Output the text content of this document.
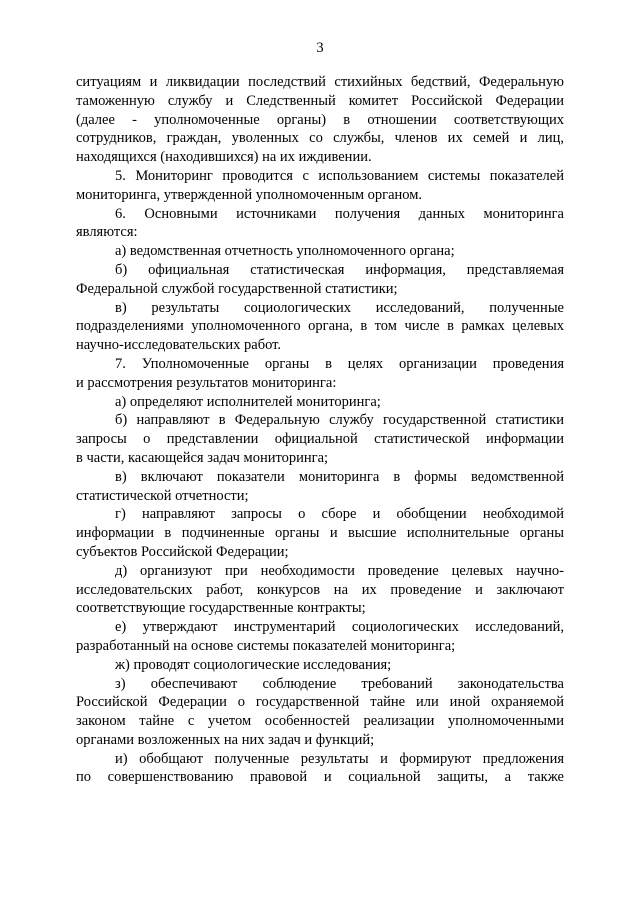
3
ситуациям и ликвидации последствий стихийных бедствий, Федеральную
таможенную службу и Следственный комитет Российской Федерации
(далее - уполномоченные органы) в отношении соответствующих
сотрудников, граждан, уволенных со службы, членов их семей и лиц,
находящихся (находившихся) на их иждивении.
5. Мониторинг проводится с использованием системы показателей
мониторинга, утвержденной уполномоченным органом.
6. Основными источниками получения данных мониторинга
являются:
а) ведомственная отчетность уполномоченного органа;
б) официальная статистическая информация, представляемая
Федеральной службой государственной статистики;
в) результаты социологических исследований, полученные
подразделениями уполномоченного органа, в том числе в рамках целевых
научно-исследовательских работ.
7. Уполномоченные органы в целях организации проведения
и рассмотрения результатов мониторинга:
а) определяют исполнителей мониторинга;
б) направляют в Федеральную службу государственной статистики
запросы о представлении официальной статистической информации
в части, касающейся задач мониторинга;
в) включают показатели мониторинга в формы ведомственной
статистической отчетности;
г) направляют запросы о сборе и обобщении необходимой
информации в подчиненные органы и высшие исполнительные органы
субъектов Российской Федерации;
д) организуют при необходимости проведение целевых научно-
исследовательских работ, конкурсов на их проведение и заключают
соответствующие государственные контракты;
е) утверждают инструментарий социологических исследований,
разработанный на основе системы показателей мониторинга;
ж) проводят социологические исследования;
з) обеспечивают соблюдение требований законодательства
Российской Федерации о государственной тайне или иной охраняемой
законом тайне с учетом особенностей реализации уполномоченными
органами возложенных на них задач и функций;
и) обобщают полученные результаты и формируют предложения
по совершенствованию правовой и социальной защиты, а также
